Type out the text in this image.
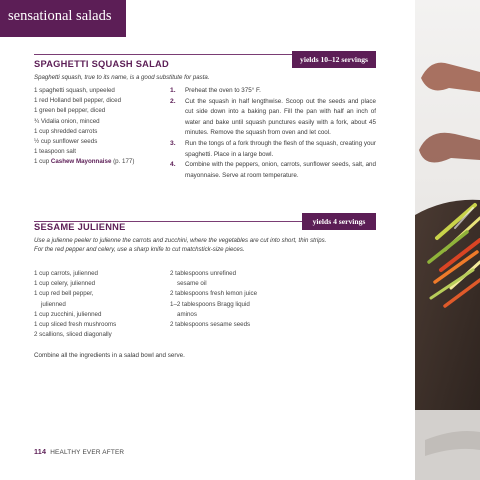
sensational salads
yields 10–12 servings
SPAGHETTI SQUASH SALAD
Spaghetti squash, true to its name, is a good substitute for pasta.
1 spaghetti squash, unpeeled
1 red Holland bell pepper, diced
1 green bell pepper, diced
¾ Vidalia onion, minced
1 cup shredded carrots
½ cup sunflower seeds
1 teaspoon salt
1 cup Cashew Mayonnaise (p. 177)
1. Preheat the oven to 375° F.
2. Cut the squash in half lengthwise. Scoop out the seeds and place cut side down into a baking pan. Fill the pan with half an inch of water and bake until squash punctures easily with a fork, about 45 minutes. Remove the squash from oven and let cool.
3. Run the tongs of a fork through the flesh of the squash, creating your spaghetti. Place in a large bowl.
4. Combine with the peppers, onion, carrots, sunflower seeds, salt, and mayonnaise. Serve at room temperature.
yields 4 servings
SESAME JULIENNE
Use a julienne peeler to julienne the carrots and zucchini, where the vegetables are cut into short, thin strips. For the red pepper and celery, use a sharp knife to cut matchstick-size pieces.
1 cup carrots, julienned
1 cup celery, julienned
1 cup red bell pepper, julienned
1 cup zucchini, julienned
1 cup sliced fresh mushrooms
2 scallions, sliced diagonally
2 tablespoons unrefined sesame oil
2 tablespoons fresh lemon juice
1–2 tablespoons Bragg liquid aminos
2 tablespoons sesame seeds
Combine all the ingredients in a salad bowl and serve.
114 HEALTHY EVER AFTER
